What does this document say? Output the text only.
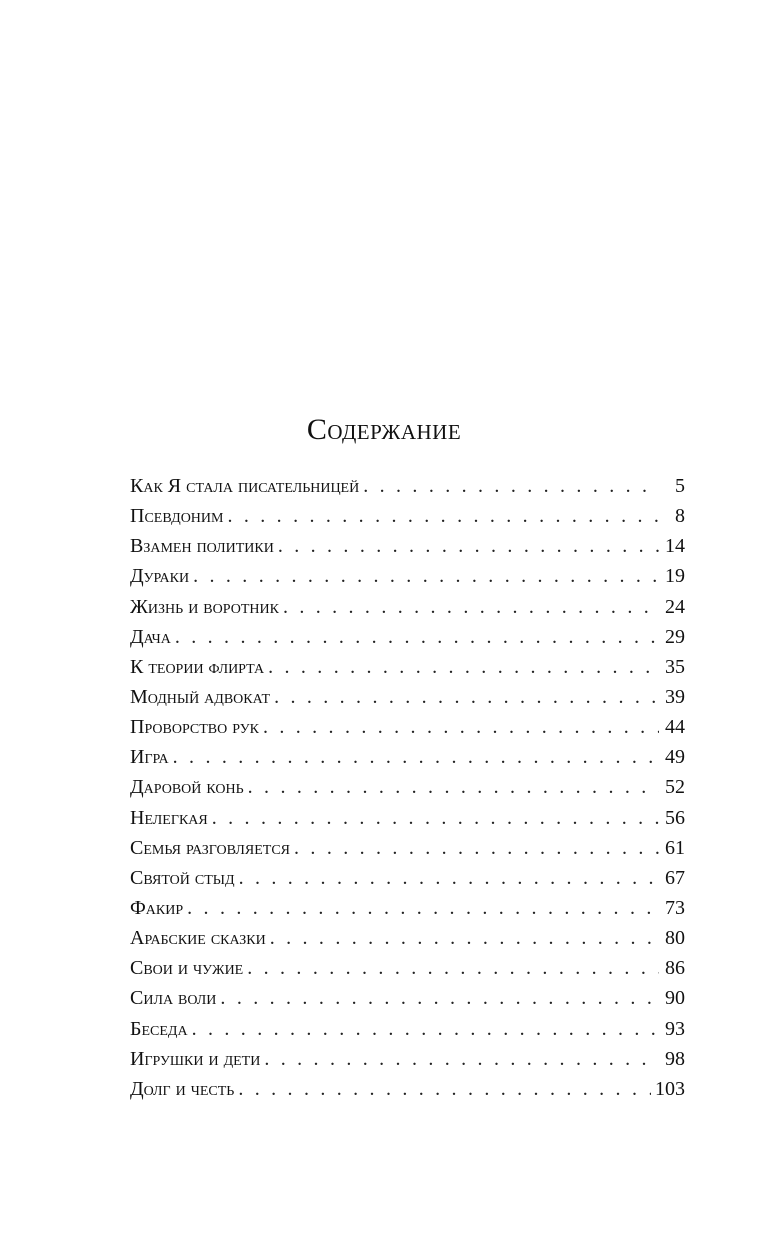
Содержание
Как Я стала писательницей . . .	5
Псевдоним . . .	8
Взамен политики . . .	14
Дураки . . .	19
Жизнь и воротник . . .	24
Дача . . .	29
К теории флирта . . .	35
Модный адвокат . . .	39
Проворство рук . . .	44
Игра . . .	49
Даровой конь . . .	52
Нелегкая . . .	56
Семья разговляется . . .	61
Святой стыд . . .	67
Факир . . .	73
Арабские сказки . . .	80
Свои и чужие . . .	86
Сила воли . . .	90
Беседа . . .	93
Игрушки и дети . . .	98
Долг и честь . . .	103
